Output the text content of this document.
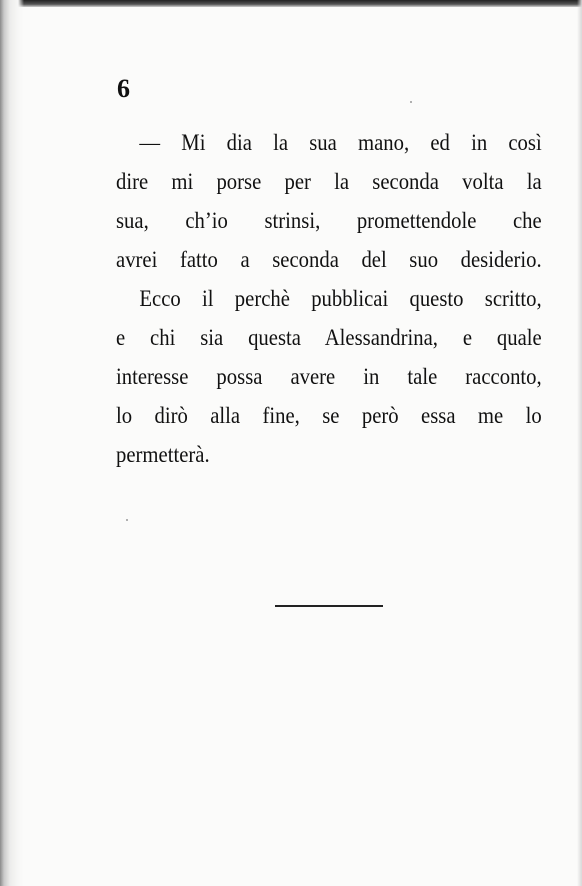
6
— Mi dia la sua mano, ed in così
dire mi porse per la seconda volta la
sua, ch’io strinsi, promettendole che
avrei fatto a seconda del suo desiderio.
Ecco il perchè pubblicai questo scritto,
e chi sia questa Alessandrina, e quale
interesse possa avere in tale racconto,
lo dirò alla fine, se però essa me lo
permetterà.
